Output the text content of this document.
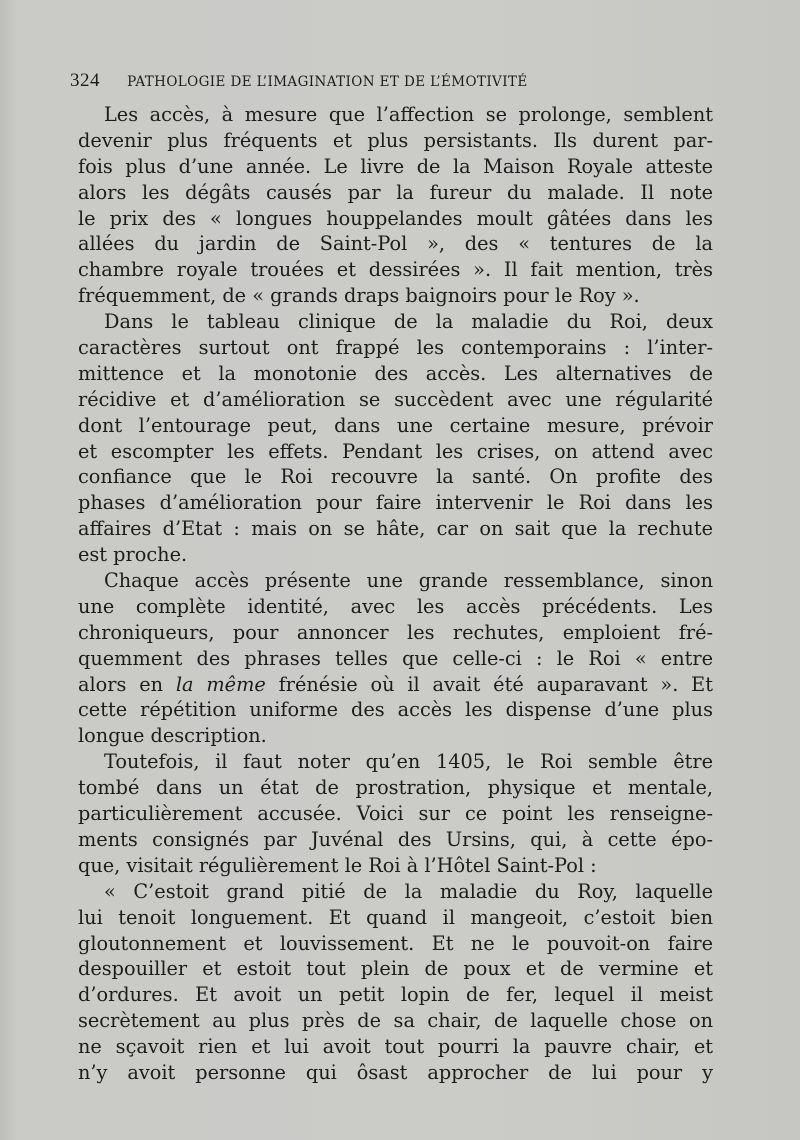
324 PATHOLOGIE DE L’IMAGINATION ET DE L’ÉMOTIVITÉ
Les accès, à mesure que l’affection se prolonge, semblent
devenir plus fréquents et plus persistants. Ils durent par-
fois plus d’une année. Le livre de la Maison Royale atteste
alors les dégâts causés par la fureur du malade. Il note
le prix des « longues houppelandes moult gâtées dans les
allées du jardin de Saint-Pol », des « tentures de la
chambre royale trouées et dessirées ». Il fait mention, très
fréquemment, de « grands draps baignoirs pour le Roy ».
Dans le tableau clinique de la maladie du Roi, deux
caractères surtout ont frappé les contemporains : l’inter-
mittence et la monotonie des accès. Les alternatives de
récidive et d’amélioration se succèdent avec une régularité
dont l’entourage peut, dans une certaine mesure, prévoir
et escompter les effets. Pendant les crises, on attend avec
confiance que le Roi recouvre la santé. On profite des
phases d’amélioration pour faire intervenir le Roi dans les
affaires d’Etat : mais on se hâte, car on sait que la rechute
est proche.
Chaque accès présente une grande ressemblance, sinon
une complète identité, avec les accès précédents. Les
chroniqueurs, pour annoncer les rechutes, emploient fré-
quemment des phrases telles que celle-ci : le Roi « entre
alors en la même frénésie où il avait été auparavant ». Et
cette répétition uniforme des accès les dispense d’une plus
longue description.
Toutefois, il faut noter qu’en 1405, le Roi semble être
tombé dans un état de prostration, physique et mentale,
particulièrement accusée. Voici sur ce point les renseigne-
ments consignés par Juvénal des Ursins, qui, à cette épo-
que, visitait régulièrement le Roi à l’Hôtel Saint-Pol :
« C’estoit grand pitié de la maladie du Roy, laquelle
lui tenoit longuement. Et quand il mangeoit, c’estoit bien
gloutonnement et louvissement. Et ne le pouvoit-on faire
despouiller et estoit tout plein de poux et de vermine et
d’ordures. Et avoit un petit lopin de fer, lequel il meist
secrètement au plus près de sa chair, de laquelle chose on
ne sçavoit rien et lui avoit tout pourri la pauvre chair, et
n’y avoit personne qui ôsast approcher de lui pour y
